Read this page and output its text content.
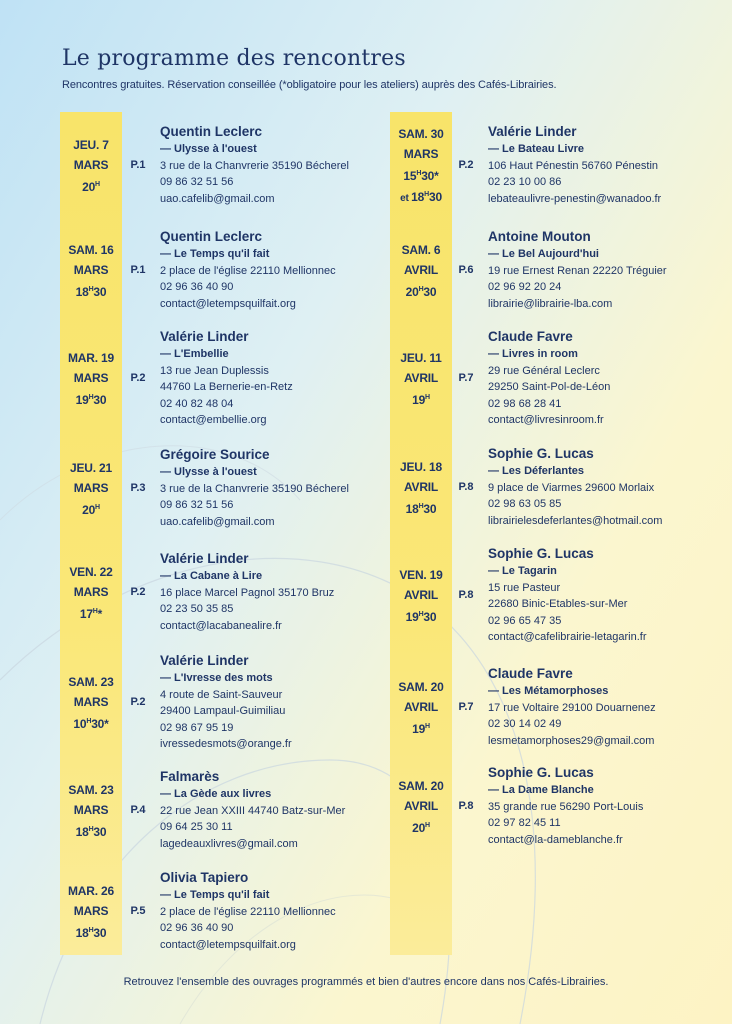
Le programme des rencontres

Rencontres gratuites. Réservation conseillée (*obligatoire pour les ateliers) auprès des Cafés-Librairies.

JEU. 7
MARS
$20^H$
P.1
Quentin Leclerc
— Ulysse à l'ouest
3 rue de la Chanvrerie 35190 Bécherel
09 86 32 51 56
uao.cafelib@gmail.com
SAM. 16
MARS
$18^H30$
P.1
Quentin Leclerc
— Le Temps qu'il fait
2 place de l'église 22110 Mellionnec
02 96 36 40 90
contact@letempsquilfait.org
MAR. 19
MARS
$19^H30$
P.2
Valérie Linder
— L'Embellie
13 rue Jean Duplessis
44760 La Bernerie-en-Retz
02 40 82 48 04
contact@embellie.org
JEU. 21
MARS
$20^H$
P.3
Grégoire Sourice
— Ulysse à l'ouest
3 rue de la Chanvrerie 35190 Bécherel
09 86 32 51 56
uao.cafelib@gmail.com
VEN. 22
MARS
$17^H*$
P.2
Valérie Linder
— La Cabane à Lire
16 place Marcel Pagnol 35170 Bruz
02 23 50 35 85
contact@lacabanealire.fr
SAM. 23
MARS
$10^H30*$
P.2
Valérie Linder
— L'Ivresse des mots
4 route de Saint-Sauveur
29400 Lampaul-Guimiliau
02 98 67 95 19
ivressedesmots@orange.fr
SAM. 23
MARS
$18^H30$
P.4
Falmarès
— La Gède aux livres
22 rue Jean XXIII 44740 Batz-sur-Mer
09 64 25 30 11
lagedeauxlivres@gmail.com
MAR. 26
MARS
$18^H30$
P.5
Olivia Tapiero
— Le Temps qu'il fait
2 place de l'église 22110 Mellionnec
02 96 36 40 90
contact@letempsquilfait.org
SAM. 30
MARS
$15^H30*$
et $18^H30$
P.2
Valérie Linder
— Le Bateau Livre
106 Haut Pénestin 56760 Pénestin
02 23 10 00 86
lebateaulivre-penestin@wanadoo.fr
SAM. 6
AVRIL
$20^H30$
P.6
Antoine Mouton
— Le Bel Aujourd'hui
19 rue Ernest Renan 22220 Tréguier
02 96 92 20 24
librairie@librairie-lba.com
JEU. 11
AVRIL
$19^H$
P.7
Claude Favre
— Livres in room
29 rue Général Leclerc
29250 Saint-Pol-de-Léon
02 98 68 28 41
contact@livresinroom.fr
JEU. 18
AVRIL
$18^H30$
P.8
Sophie G. Lucas
— Les Déferlantes
9 place de Viarmes 29600 Morlaix
02 98 63 05 85
librairielesdeferlantes@hotmail.com
VEN. 19
AVRIL
$19^H30$
P.8
Sophie G. Lucas
— Le Tagarin
15 rue Pasteur
22680 Binic-Etables-sur-Mer
02 96 65 47 35
contact@cafelibrairie-letagarin.fr
SAM. 20
AVRIL
$19^H$
P.7
Claude Favre
— Les Métamorphoses
17 rue Voltaire 29100 Douarnenez
02 30 14 02 49
lesmetamorphoses29@gmail.com
SAM. 20
AVRIL
$20^H$
P.8
Sophie G. Lucas
— La Dame Blanche
35 grande rue 56290 Port-Louis
02 97 82 45 11
contact@la-dameblanche.fr

Retrouvez l'ensemble des ouvrages programmés et bien d'autres encore dans nos Cafés-Librairies.
